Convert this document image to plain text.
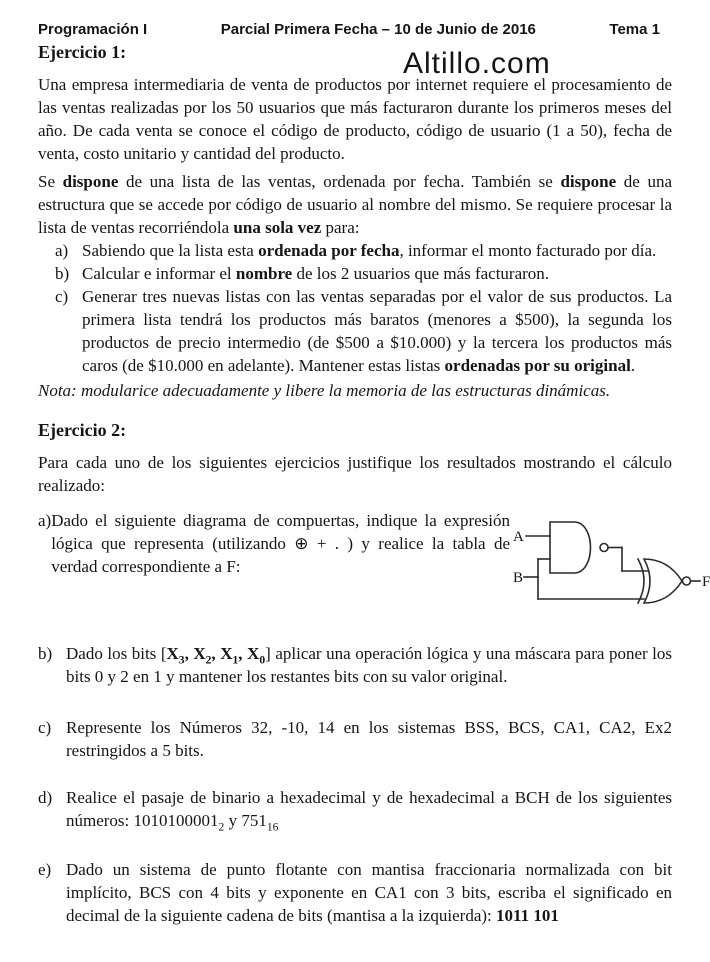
Programación I	Parcial Primera Fecha – 10 de Junio de 2016	Tema 1
Altillo.com
Ejercicio 1:

Una empresa intermediaria de venta de productos por internet requiere el procesamiento de las ventas realizadas por los 50 usuarios que más facturaron durante los primeros meses del año. De cada venta se conoce el código de producto, código de usuario (1 a 50), fecha de venta, costo unitario y cantidad del producto.

Se dispone de una lista de las ventas, ordenada por fecha. También se dispone de una estructura que se accede por código de usuario al nombre del mismo. Se requiere procesar la lista de ventas recorriéndola una sola vez para:

a) Sabiendo que la lista esta ordenada por fecha, informar el monto facturado por día.
b) Calcular e informar el nombre de los 2 usuarios que más facturaron.
c) Generar tres nuevas listas con las ventas separadas por el valor de sus productos. La primera lista tendrá los productos más baratos (menores a $500), la segunda los productos de precio intermedio (de $500 a $10.000) y la tercera los productos más caros (de $10.000 en adelante). Mantener estas listas ordenadas por su original.

Nota: modularice adecuadamente y libere la memoria de las estructuras dinámicas.

Ejercicio 2:

Para cada uno de los siguientes ejercicios justifique los resultados mostrando el cálculo realizado:

a) Dado el siguiente diagrama de compuertas, indique la expresión lógica que representa (utilizando ⊕ + . ) y realice la tabla de verdad correspondiente a F:
A
B	F
b) Dado los bits [$X_3$, $X_2$, $X_1$, $X_0$] aplicar una operación lógica y una máscara para poner los bits 0 y 2 en 1 y mantener los restantes bits con su valor original.
c) Represente los Números 32, -10, 14 en los sistemas BSS, BCS, CA1, CA2, Ex2 restringidos a 5 bits.
d) Realice el pasaje de binario a hexadecimal y de hexadecimal a BCH de los siguientes números: $1010100001_2$ y $751_{16}$
e) Dado un sistema de punto flotante con mantisa fraccionaria normalizada con bit implícito, BCS con 4 bits y exponente en CA1 con 3 bits, escriba el significado en decimal de la siguiente cadena de bits (mantisa a la izquierda): 1011 101
